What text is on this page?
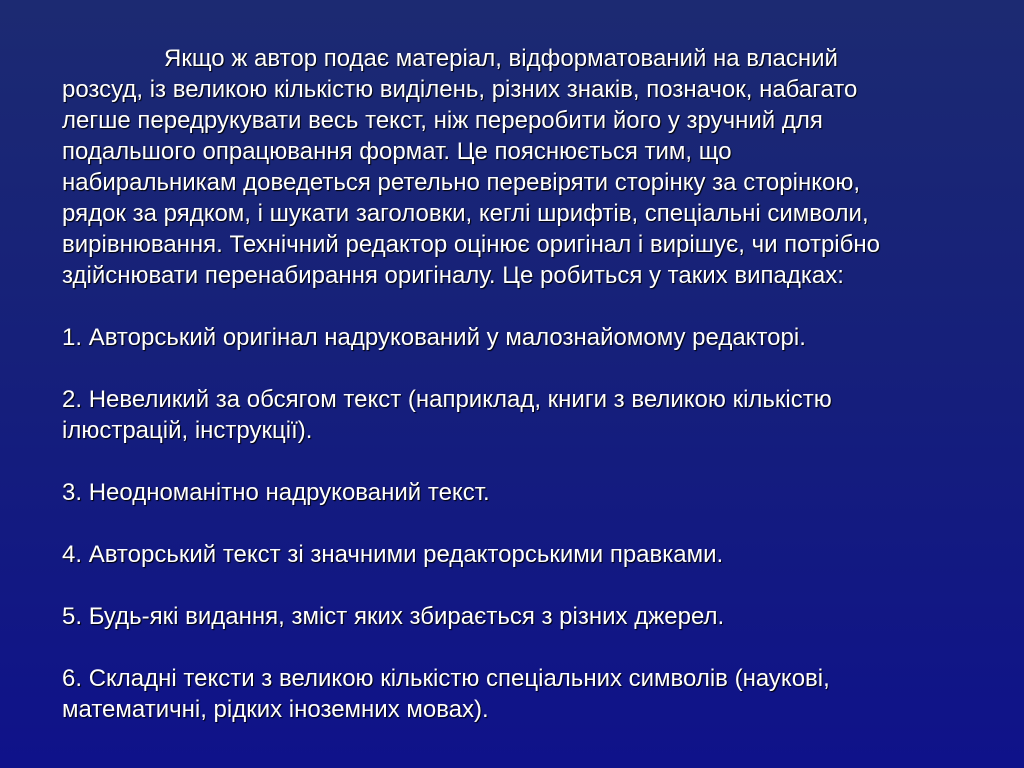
Якщо ж автор подає матеріал, відформатований на власний
розсуд, із великою кількістю виділень, різних знаків, позначок, набагато
легше передрукувати весь текст, ніж переробити його у зручний для
подальшого опрацювання формат. Це пояснюється тим, що
набиральникам доведеться ретельно перевіряти сторінку за сторінкою,
рядок за рядком, і шукати заголовки, кеглі шрифтів, спеціальні символи,
вирівнювання. Технічний редактор оцінює оригінал і вирішує, чи потрібно
здійснювати перенабирання оригіналу. Це робиться у таких випадках:

1. Авторський оригінал надрукований у малознайомому редакторі.

2. Невеликий за обсягом текст (наприклад, книги з великою кількістю
ілюстрацій, інструкції).

3. Неодноманітно надрукований текст.

4. Авторський текст зі значними редакторськими правками.

5. Будь-які видання, зміст яких збирається з різних джерел.

6. Складні тексти з великою кількістю спеціальних символів (наукові,
математичні, рідких іноземних мовах).
